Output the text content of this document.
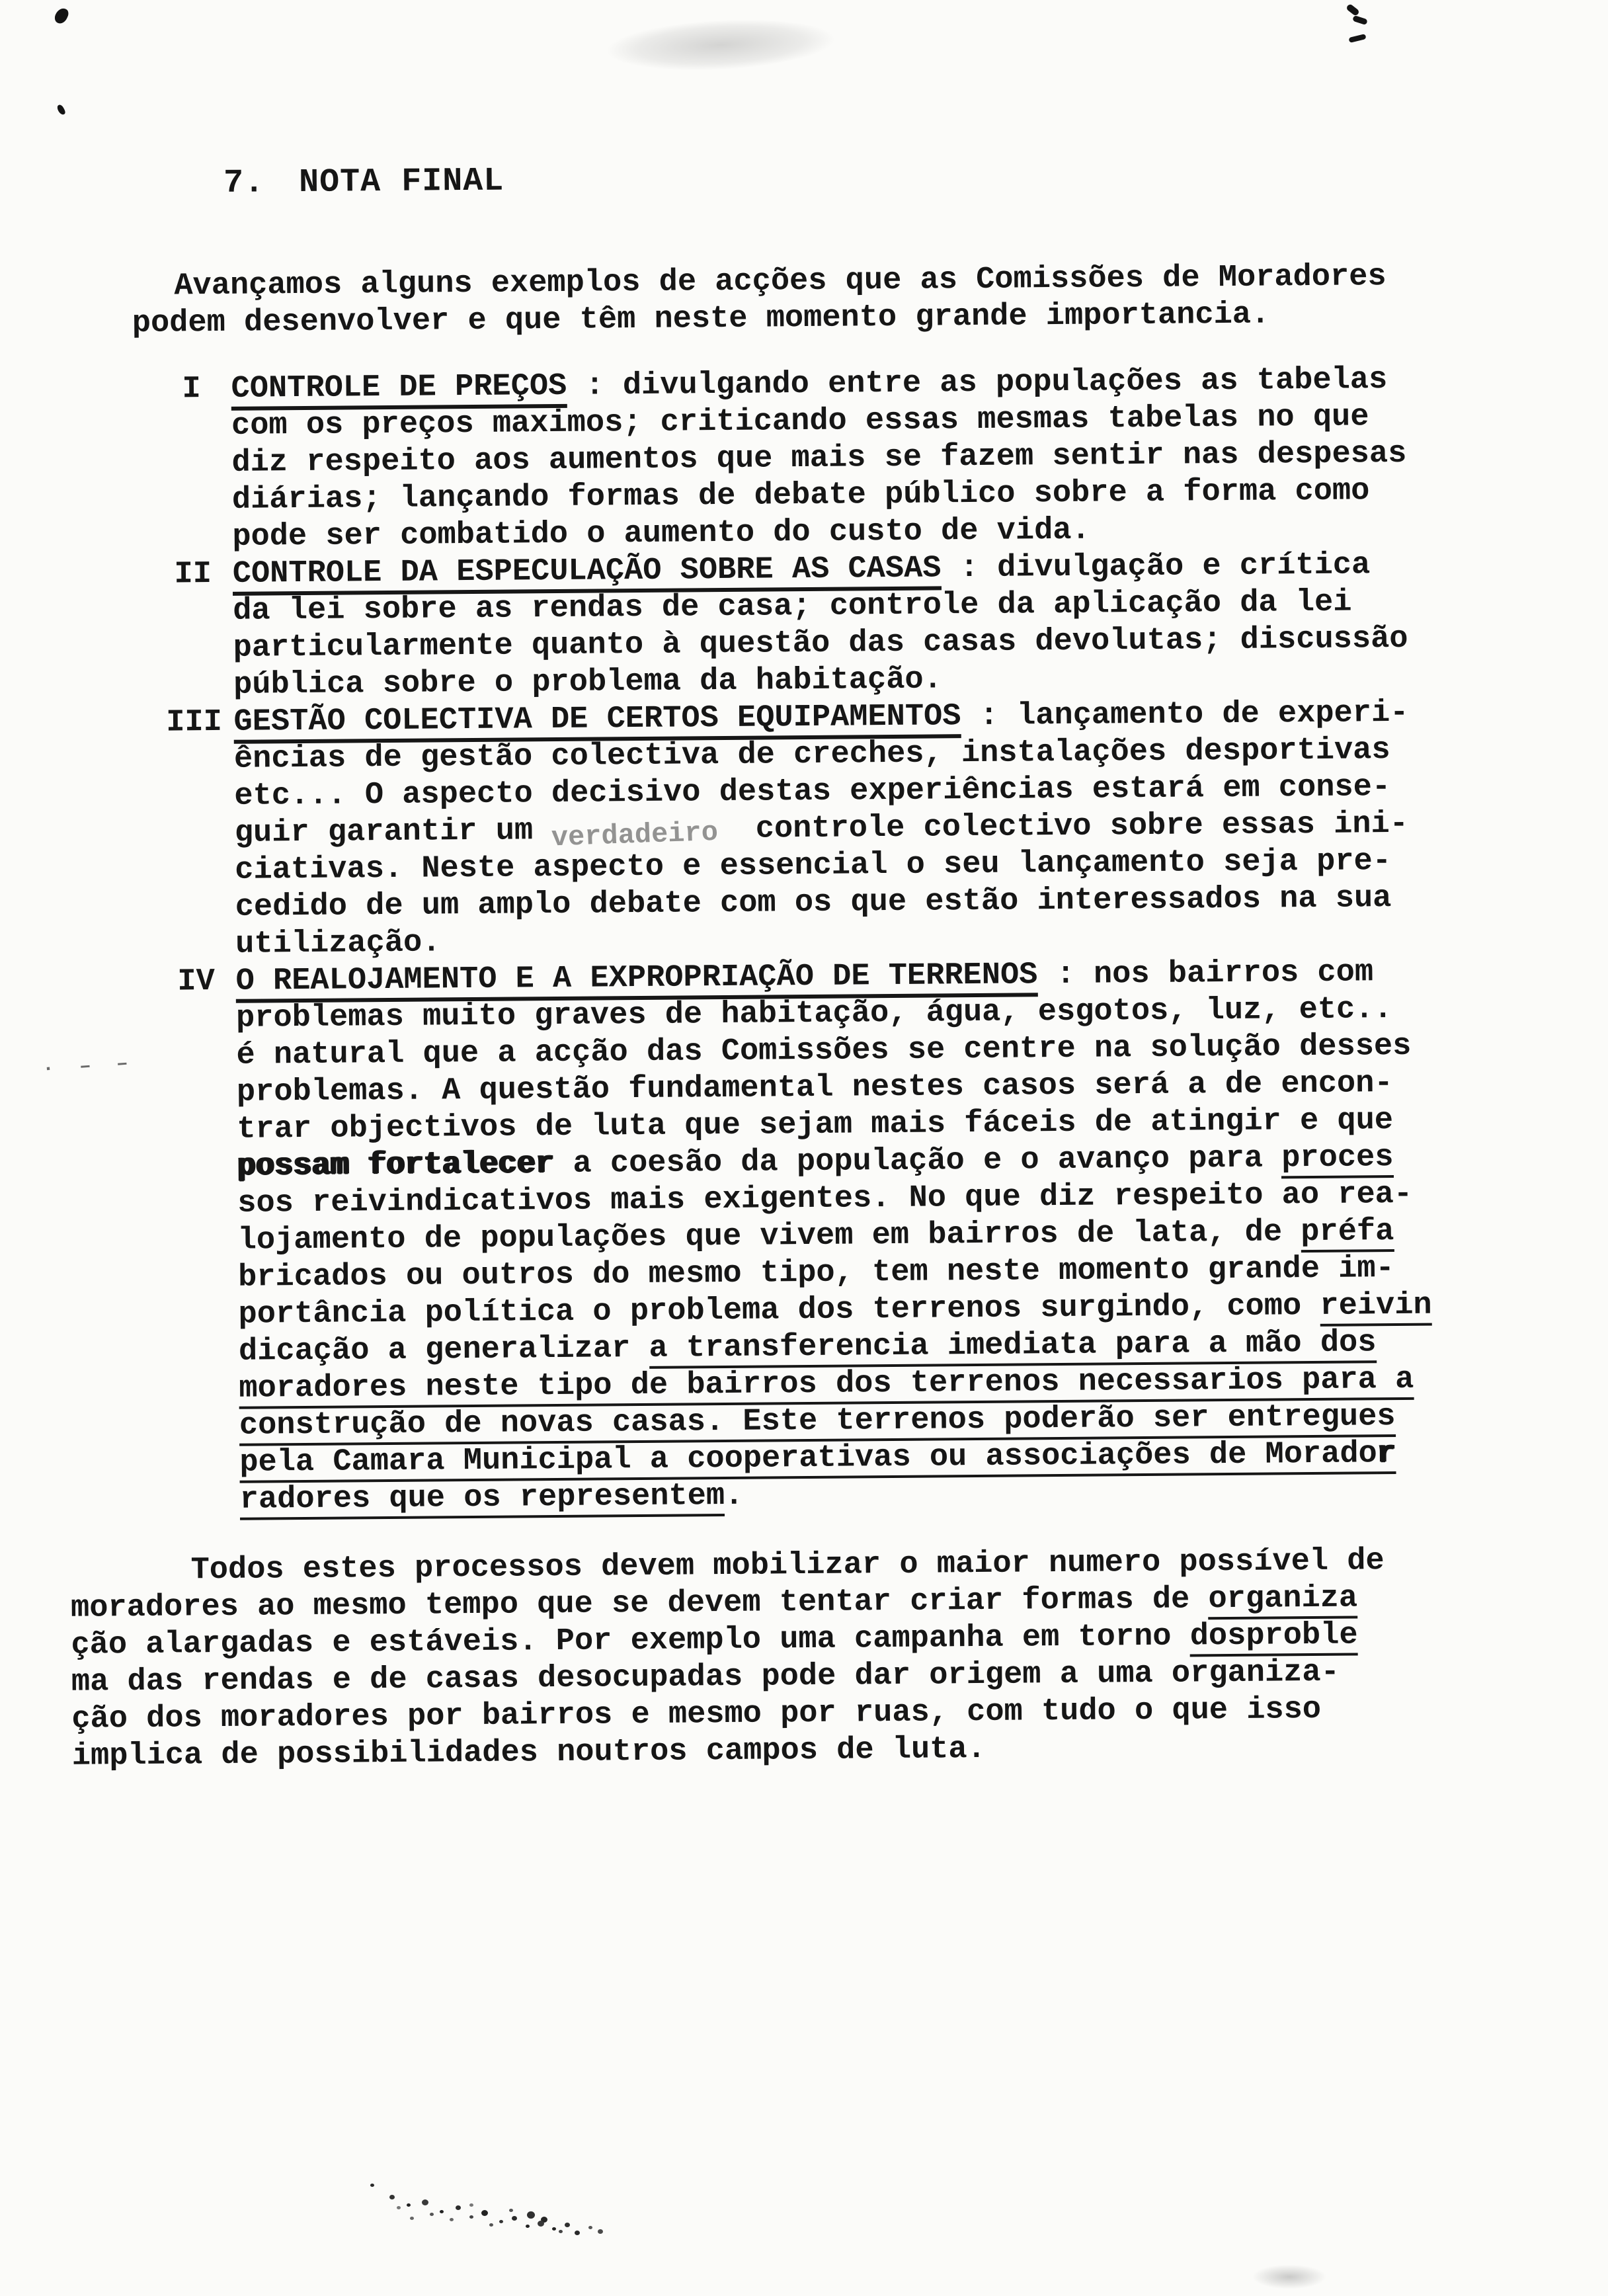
7. NOTA FINAL

Avançamos alguns exemplos de acções que as Comissões de Moradores
podem desenvolver e que têm neste momento grande importancia.
I CONTROLE DE PREÇOS : divulgando entre as populações as tabelas
com os preços maximos; criticando essas mesmas tabelas no que
diz respeito aos aumentos que mais se fazem sentir nas despesas
diárias; lançando formas de debate público sobre a forma como
pode ser combatido o aumento do custo de vida.
II CONTROLE DA ESPECULAÇÃO SOBRE AS CASAS : divulgação e crítica
da lei sobre as rendas de casa; controle da aplicação da lei
particularmente quanto à questão das casas devolutas; discussão
pública sobre o problema da habitação.
III GESTÃO COLECTIVA DE CERTOS EQUIPAMENTOS : lançamento de experi-
ências de gestão colectiva de creches, instalações desportivas
etc... O aspecto decisivo destas experiências estará em conse-
guir garantir um verdadeiro  controle colectivo sobre essas ini-
ciativas. Neste aspecto e essencial o seu lançamento seja pre-
cedido de um amplo debate com os que estão interessados na sua
utilização.
IV O REALOJAMENTO E A EXPROPRIAÇÃO DE TERRENOS : nos bairros com
problemas muito graves de habitação, água, esgotos, luz, etc..
é natural que a acção das Comissões se centre na solução desses
problemas. A questão fundamental nestes casos será a de encon-
trar objectivos de luta que sejam mais fáceis de atingir e que
possam fortalecer a coesão da população e o avanço para proces
sos reivindicativos mais exigentes. No que diz respeito ao rea-
lojamento de populações que vivem em bairros de lata, de préfa
bricados ou outros do mesmo tipo, tem neste momento grande im-
portância política o problema dos terrenos surgindo, como reivin
dicação a generalizar a transferencia imediata para a mão dos
moradores neste tipo de bairros dos terrenos necessarios para a
construção de novas casas. Este terrenos poderão ser entregues
pela Camara Municipal a cooperativas ou associações de Morador
radores que os representem.
Todos estes processos devem mobilizar o maior numero possível de
moradores ao mesmo tempo que se devem tentar criar formas de organiza
ção alargadas e estáveis. Por exemplo uma campanha em torno dosproble
ma das rendas e de casas desocupadas pode dar origem a uma organiza-
ção dos moradores por bairros e mesmo por ruas, com tudo o que isso
implica de possibilidades noutros campos de luta.
· – –
